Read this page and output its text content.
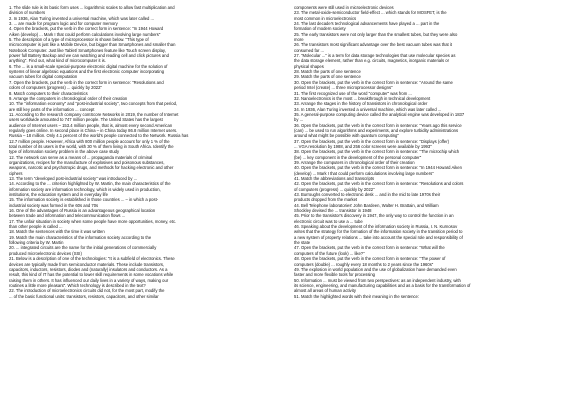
1. The slide rule is its basic form uses ... logarithmic scales to allow fast multiplication and
division of numbers
2. In 1936, Alan Turing invented a universal machine, which was later called ...
3. ... are made for program logic and for computer memory
4. Open the brackets, put the verb in the correct form in sentence: "In 1944 Howard
Aiken (develop) ... Mark I that could perform calculations involving large numbers"
5. The description of a type of microprocessor is shown below. "This type of
microcomputer is just like a Mobile Device, but bigger than Smartphones and smaller than
Notebook Computer. Just like Tablet/ Smartphones feature like Touch screen display,
power full Battery Backup and we can watching and reading cell and click pictures and
anything". Find out, what kind of microcomputer it is.
6. The ... is a small-scale special-purpose electronic digital machine for the solution of
systems of linear algebraic equations and the first electronic computer incorporating
vacuum tubes for digital computation
7. Open the brackets, put the verb in the correct form in sentence: "Resolutions and
colors of computers (progress) ... quickly by 2022"
8. Match computers to their characteristics
9. Arrange the computers in chronological order of their creation
10. The "information economy" and "post-industrial society", two concepts from that period,
are still key parts of the information ... concept
11. According to the research company comScore Networks in 2019, the number of Internet
users worldwide amounted to 747 million people. The United States has the largest
audience of Internet users – 153.4 million people, that is, almost every second American
regularly goes online. In second place is China – in China today 86.8 million Internet users.
Russia – 18 million. Only 4.1 percent of the world's people connected to the Network. Russia has
12.7 million people. However, Africa with 800 million people account for only 1 % of the
total number of its users in the world, with 30 % of them living in South Africa. Identify the
type of information society problem in the above case study
12. The network can serve as a means of ... propaganda materials of criminal
organizations, recipes for the manufacture of explosives and poisonous substances,
weapons, narcotic and psychotropic drugs, and methods for hacking electronic and other
ciphers
13. The term "developed post-industrial society" was introduced by ...
14. According to the ... criterion highlighted by W. Martin, the main characteristics of the
information society are information technology, which is widely used in production,
institutions, the education system and in everyday life
15. The information society is established in those countries ... – in which a post-
industrial society was formed in the 60s and 70s
16. One of the advantages of Russia is an advantageous geographical location
between trade and information and telecommunication flows ...
17. The unfair situation in society when some people have more opportunities, money, etc.
than other people is called ...
18. Match the sentences with the time it was written
19. Match the main characteristics of the information society according to the
following criteria by W. Martin
20. ... integrated circuits are the name for the initial generations of commercially
produced microelectronic devices (SSI)
21. Below is a description of one of the technologies: "It is a subfield of electronics. These
devices are typically made from semiconductor materials. These include transistors,
capacitors, inductors, resistors, diodes and (naturally) insulators and conductors. As a
result, this kind of IT has the potential to lower skill requirements in some vocations while
raising them in others. It has influenced our daily lives in a variety of ways, making our
routines a little more pleasant". Which technology is described in the text?
22. The introduction of microelectronics circuits did not, for the most part, modify the
... of the basic functional units: transistors, resistors, capacitors, and other similar
components were still used in microelectronic devices
23. The metal-oxide-semiconductor field-effect ... which stands for MOSFET, is the
most common in microelectronics
24. The last decade's technological advancements have played a ... part in the
formation of modern society
25. The early transistors were not only larger than the smallest tubes, but they were also
more
26. The transistors most significant advantage over the best vacuum tubes was that it
consumed far ...
27. "Molecular ..." is a term for data storage technologies that use molecular species as
the data storage element, rather than e.g. circuits, magnetics, inorganic materials or
physical shapes
28. Match the parts of one sentence
29. Match the parts of one sentence
30. Open the brackets, put the verb in the correct form in sentence: "Around the same
period Intel (create) ... three microprocessor designs"
31. The first recognized use of the word "computer" was from ...
32. Nanoelectronics is the most ... breakthrough in technical development
33. Arrange the stages in the history of transistors in chronological order
34. In 1936, Alan Turing invented a universal machine, which was later called ...
35. A general-purpose computing device called the analytical engine was developed in 1837
by ...
36. Open the brackets, put the verb in the correct form in sentence: "Years ago this service
(can) ... be used to run algorithms and experiments, and explore turbidity administrations
around what might be possible with quantum computing"
37. Open the brackets, put the verb in the correct form in sentence: "Displays (offer)
... VGA resolution by 1988, and 256 color screens were available by 1993"
38. Open the brackets, put the verb in the correct form in sentence: "The microchip which
(be) ... key component in the development of the personal computer"
39. Arrange the computers in chronological order of their creation
40. Open the brackets, put the verb in the correct form in sentence: "In 1944 Howard Aiken
(develop) ... Mark I that could perform calculations involving large numbers"
41. Match the abbreviations and transcripts
42. Open the brackets, put the verb in the correct form in sentence: "Resolutions and colors
of computers (progress) ... quickly by 2022"
43. Burroughs converted to electronic desk ... and in the mid to late 1970s their
products dropped from the market
44. Bell Telephone laboratories' John Bardeen, Walter H. Brattain, and William
Shockley devised the ... transistor in 1948
45. Prior to the transistor's discovery in 1947, the only way to control the function in an
electronic circuit was to use a ... tube
46. Speaking about the development of the information society in Russia, I. N. Kurnosov
writes that the strategy for the formation of the information society in the transition period to
a new system of property relations ... take into account the special role and responsibility of
the state
47. Open the brackets, put the verb in the correct form in sentence: "What will the
computers of the future (look) ... like?"
48. Open the brackets, put the verb in the correct form in sentence: "The power of
computers (double) ... roughly every 18 months to 2 years since the 1960s"
49. The explosion in world population and the use of globalization have demanded even
faster and more flexible tools for processing
50. Information ... must be viewed from two perspectives: as an independent industry, with
its science, engineering, and manufacturing capabilities and as a basis for the transformation of
almost all areas of human activity
51. Match the highlighted words with their meaning in the sentence:
